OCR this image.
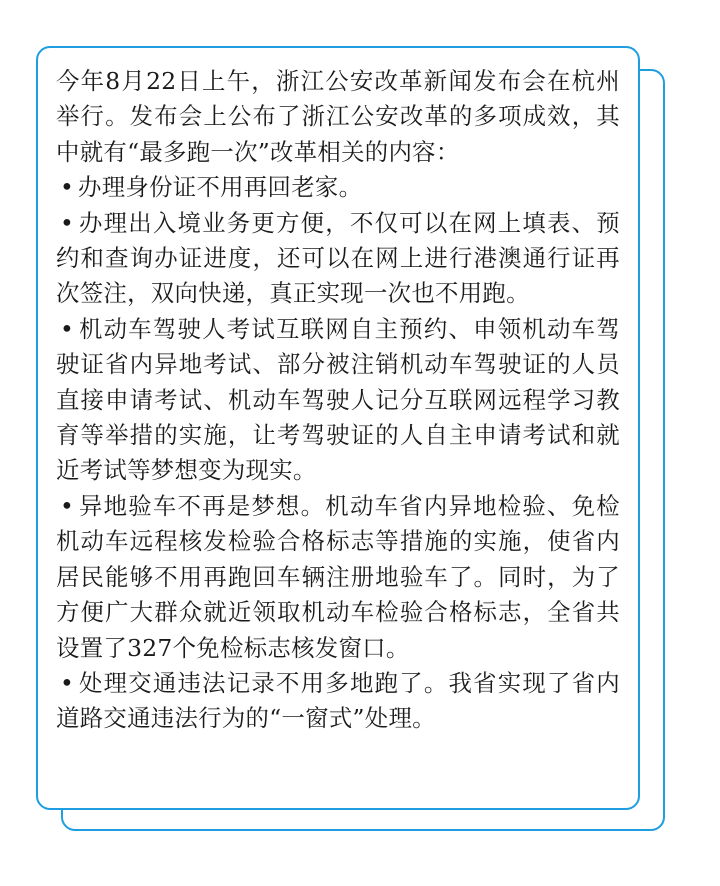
今年8月22日上午，浙江公安改革新闻发布会在杭州举行。发布会上公布了浙江公安改革的多项成效，其中就有“最多跑一次”改革相关的内容：

• 办理身份证不用再回老家。

• 办理出入境业务更方便，不仅可以在网上填表、预约和查询办证进度，还可以在网上进行港澳通行证再次签注，双向快递，真正实现一次也不用跑。

• 机动车驾驶人考试互联网自主预约、申领机动车驾驶证省内异地考试、部分被注销机动车驾驶证的人员直接申请考试、机动车驾驶人记分互联网远程学习教育等举措的实施，让考驾驶证的人自主申请考试和就近考试等梦想变为现实。

• 异地验车不再是梦想。机动车省内异地检验、免检机动车远程核发检验合格标志等措施的实施，使省内居民能够不用再跑回车辆注册地验车了。同时，为了方便广大群众就近领取机动车检验合格标志，全省共设置了327个免检标志核发窗口。

• 处理交通违法记录不用多地跑了。我省实现了省内道路交通违法行为的“一窗式”处理。
